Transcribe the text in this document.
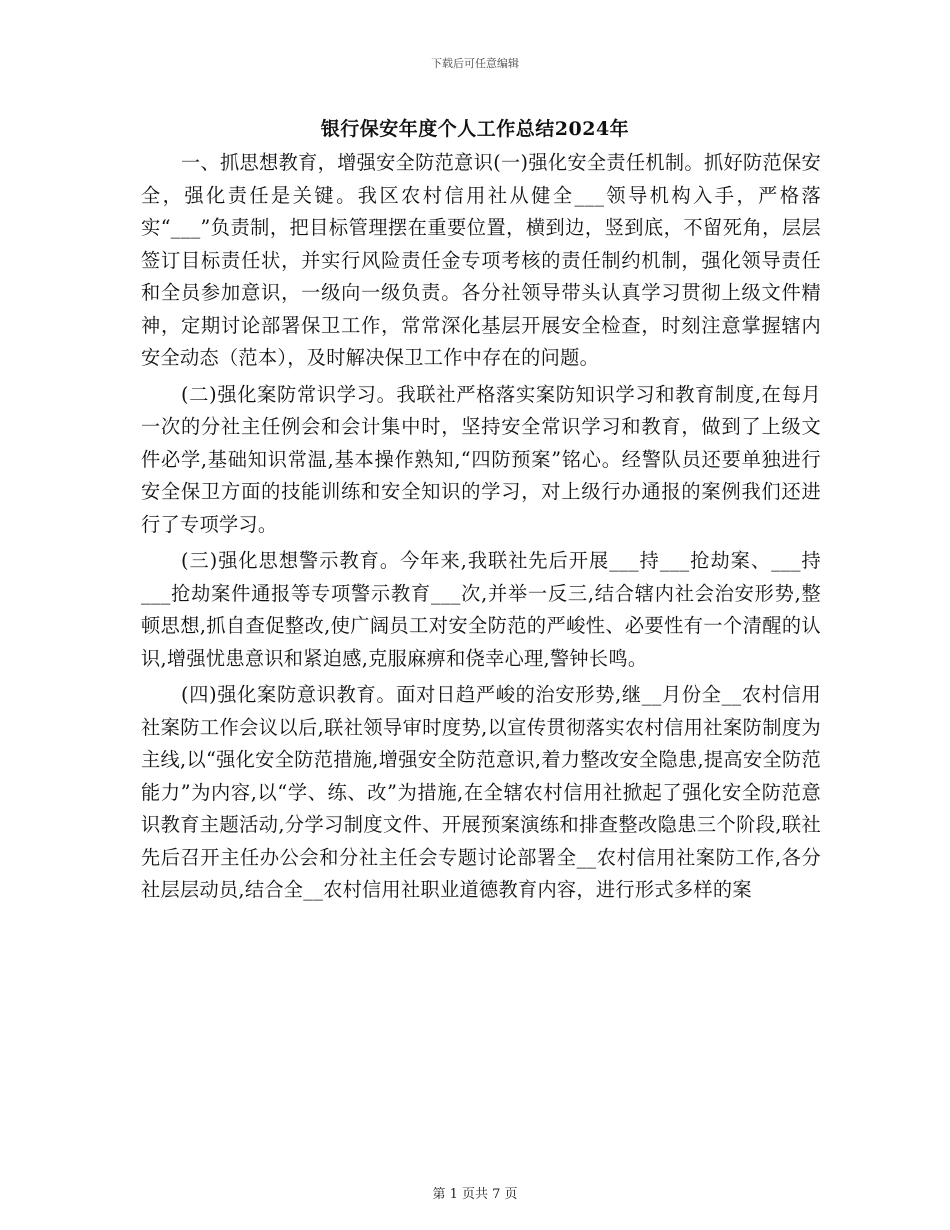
下载后可任意编辑
银行保安年度个人工作总结2024年

一、抓思想教育，增强安全防范意识(一)强化安全责任机制。抓好防范保安全，强化责任是关键。我区农村信用社从健全___领导机构入手，严格落实“___”负责制，把目标管理摆在重要位置，横到边，竖到底，不留死角，层层签订目标责任状，并实行风险责任金专项考核的责任制约机制，强化领导责任和全员参加意识，一级向一级负责。各分社领导带头认真学习贯彻上级文件精神，定期讨论部署保卫工作，常常深化基层开展安全检查，时刻注意掌握辖内安全动态（范本），及时解决保卫工作中存在的问题。

(二)强化案防常识学习。我联社严格落实案防知识学习和教育制度,在每月一次的分社主任例会和会计集中时，坚持安全常识学习和教育，做到了上级文件必学,基础知识常温,基本操作熟知,“四防预案”铭心。经警队员还要单独进行安全保卫方面的技能训练和安全知识的学习，对上级行办通报的案例我们还进行了专项学习。

(三)强化思想警示教育。今年来,我联社先后开展___持___抢劫案、___持___抢劫案件通报等专项警示教育___次,并举一反三,结合辖内社会治安形势,整顿思想,抓自查促整改,使广阔员工对安全防范的严峻性、必要性有一个清醒的认识,增强忧患意识和紧迫感,克服麻痹和侥幸心理,警钟长鸣。

(四)强化案防意识教育。面对日趋严峻的治安形势,继__月份全__农村信用社案防工作会议以后,联社领导审时度势,以宣传贯彻落实农村信用社案防制度为主线,以“强化安全防范措施,增强安全防范意识,着力整改安全隐患,提高安全防范能力”为内容,以“学、练、改”为措施,在全辖农村信用社掀起了强化安全防范意识教育主题活动,分学习制度文件、开展预案演练和排查整改隐患三个阶段,联社先后召开主任办公会和分社主任会专题讨论部署全__农村信用社案防工作,各分社层层动员,结合全__农村信用社职业道德教育内容，进行形式多样的案

第 1 页共 7 页
